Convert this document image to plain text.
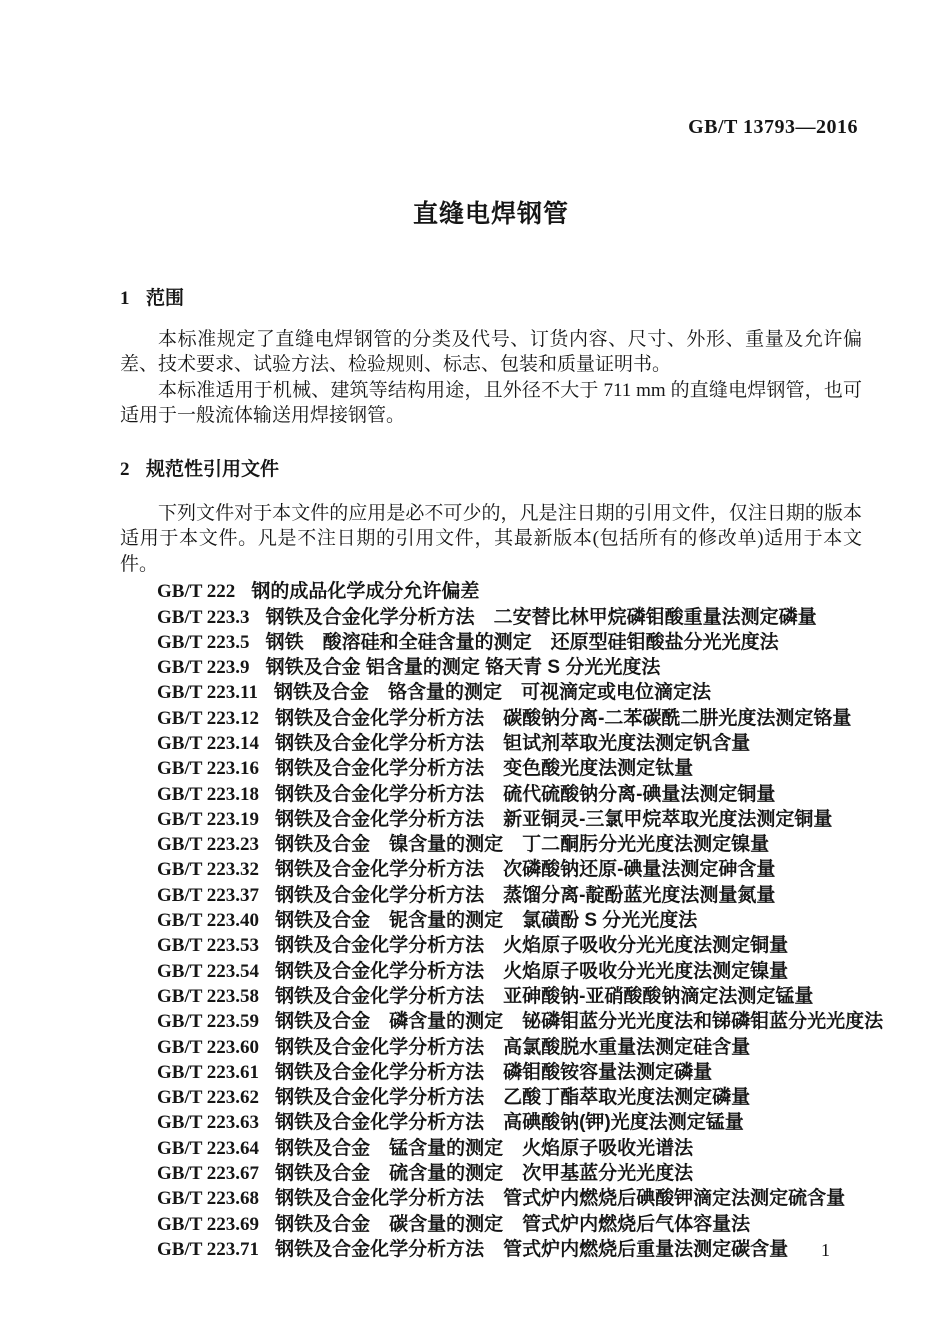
GB/T 13793—2016
直缝电焊钢管
1 范围

本标准规定了直缝电焊钢管的分类及代号、订货内容、尺寸、外形、重量及允许偏差、技术要求、试验方法、检验规则、标志、包装和质量证明书。

本标准适用于机械、建筑等结构用途，且外径不大于 711 mm 的直缝电焊钢管，也可适用于一般流体输送用焊接钢管。

2 规范性引用文件

下列文件对于本文件的应用是必不可少的，凡是注日期的引用文件，仅注日期的版本适用于本文件。凡是不注日期的引用文件，其最新版本(包括所有的修改单)适用于本文件。

GB/T 222 钢的成品化学成分允许偏差
GB/T 223.3 钢铁及合金化学分析方法　二安替比林甲烷磷钼酸重量法测定磷量
GB/T 223.5 钢铁　酸溶硅和全硅含量的测定　还原型硅钼酸盐分光光度法
GB/T 223.9 钢铁及合金 铝含量的测定 铬天青 S 分光光度法
GB/T 223.11 钢铁及合金　铬含量的测定　可视滴定或电位滴定法
GB/T 223.12 钢铁及合金化学分析方法　碳酸钠分离-二苯碳酰二肼光度法测定铬量
GB/T 223.14 钢铁及合金化学分析方法　钽试剂萃取光度法测定钒含量
GB/T 223.16 钢铁及合金化学分析方法　变色酸光度法测定钛量
GB/T 223.18 钢铁及合金化学分析方法　硫代硫酸钠分离-碘量法测定铜量
GB/T 223.19 钢铁及合金化学分析方法　新亚铜灵-三氯甲烷萃取光度法测定铜量
GB/T 223.23 钢铁及合金　镍含量的测定　丁二酮肟分光光度法测定镍量
GB/T 223.32 钢铁及合金化学分析方法　次磷酸钠还原-碘量法测定砷含量
GB/T 223.37 钢铁及合金化学分析方法　蒸馏分离-靛酚蓝光度法测量氮量
GB/T 223.40 钢铁及合金　铌含量的测定　氯磺酚 S 分光光度法
GB/T 223.53 钢铁及合金化学分析方法　火焰原子吸收分光光度法测定铜量
GB/T 223.54 钢铁及合金化学分析方法　火焰原子吸收分光光度法测定镍量
GB/T 223.58 钢铁及合金化学分析方法　亚砷酸钠-亚硝酸酸钠滴定法测定锰量
GB/T 223.59 钢铁及合金　磷含量的测定　铋磷钼蓝分光光度法和锑磷钼蓝分光光度法
GB/T 223.60 钢铁及合金化学分析方法　高氯酸脱水重量法测定硅含量
GB/T 223.61 钢铁及合金化学分析方法　磷钼酸铵容量法测定磷量
GB/T 223.62 钢铁及合金化学分析方法　乙酸丁酯萃取光度法测定磷量
GB/T 223.63 钢铁及合金化学分析方法　高碘酸钠(钾)光度法测定锰量
GB/T 223.64 钢铁及合金　锰含量的测定　火焰原子吸收光谱法
GB/T 223.67 钢铁及合金　硫含量的测定　次甲基蓝分光光度法
GB/T 223.68 钢铁及合金化学分析方法　管式炉内燃烧后碘酸钾滴定法测定硫含量
GB/T 223.69 钢铁及合金　碳含量的测定　管式炉内燃烧后气体容量法
GB/T 223.71 钢铁及合金化学分析方法　管式炉内燃烧后重量法测定碳含量	1
